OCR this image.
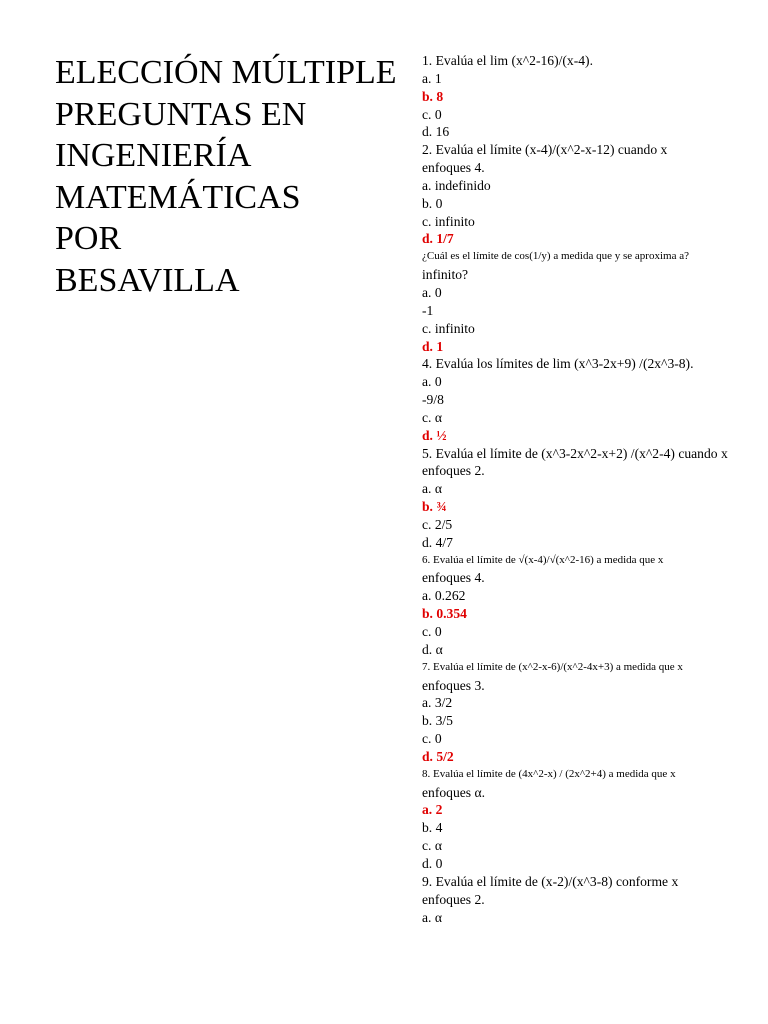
ELECCIÓN MÚLTIPLE
PREGUNTAS EN
INGENIERÍA
MATEMÁTICAS
POR
BESAVILLA
1. Evalúa el lim (x^2-16)/(x-4).
a. 1
b. 8
c. 0
d. 16
2. Evalúa el límite (x-4)/(x^2-x-12) cuando x
enfoques 4.
a. indefinido
b. 0
c. infinito
d. 1/7
¿Cuál es el límite de cos(1/y) a medida que y se aproxima a?
infinito?
a. 0
-1
c. infinito
d. 1
4. Evalúa los límites de lim (x^3-2x+9) /(2x^3-8).
a. 0
-9/8
c. α
d. ½
5. Evalúa el límite de (x^3-2x^2-x+2) /(x^2-4) cuando x
enfoques 2.
a. α
b. ¾
c. 2/5
d. 4/7
6. Evalúa el límite de √(x-4)/√(x^2-16) a medida que x
enfoques 4.
a. 0.262
b. 0.354
c. 0
d. α
7. Evalúa el límite de (x^2-x-6)/(x^2-4x+3) a medida que x
enfoques 3.
a. 3/2
b. 3/5
c. 0
d. 5/2
8. Evalúa el límite de (4x^2-x) / (2x^2+4) a medida que x
enfoques α.
a. 2
b. 4
c. α
d. 0
9. Evalúa el límite de (x-2)/(x^3-8) conforme x
enfoques 2.
a. α
